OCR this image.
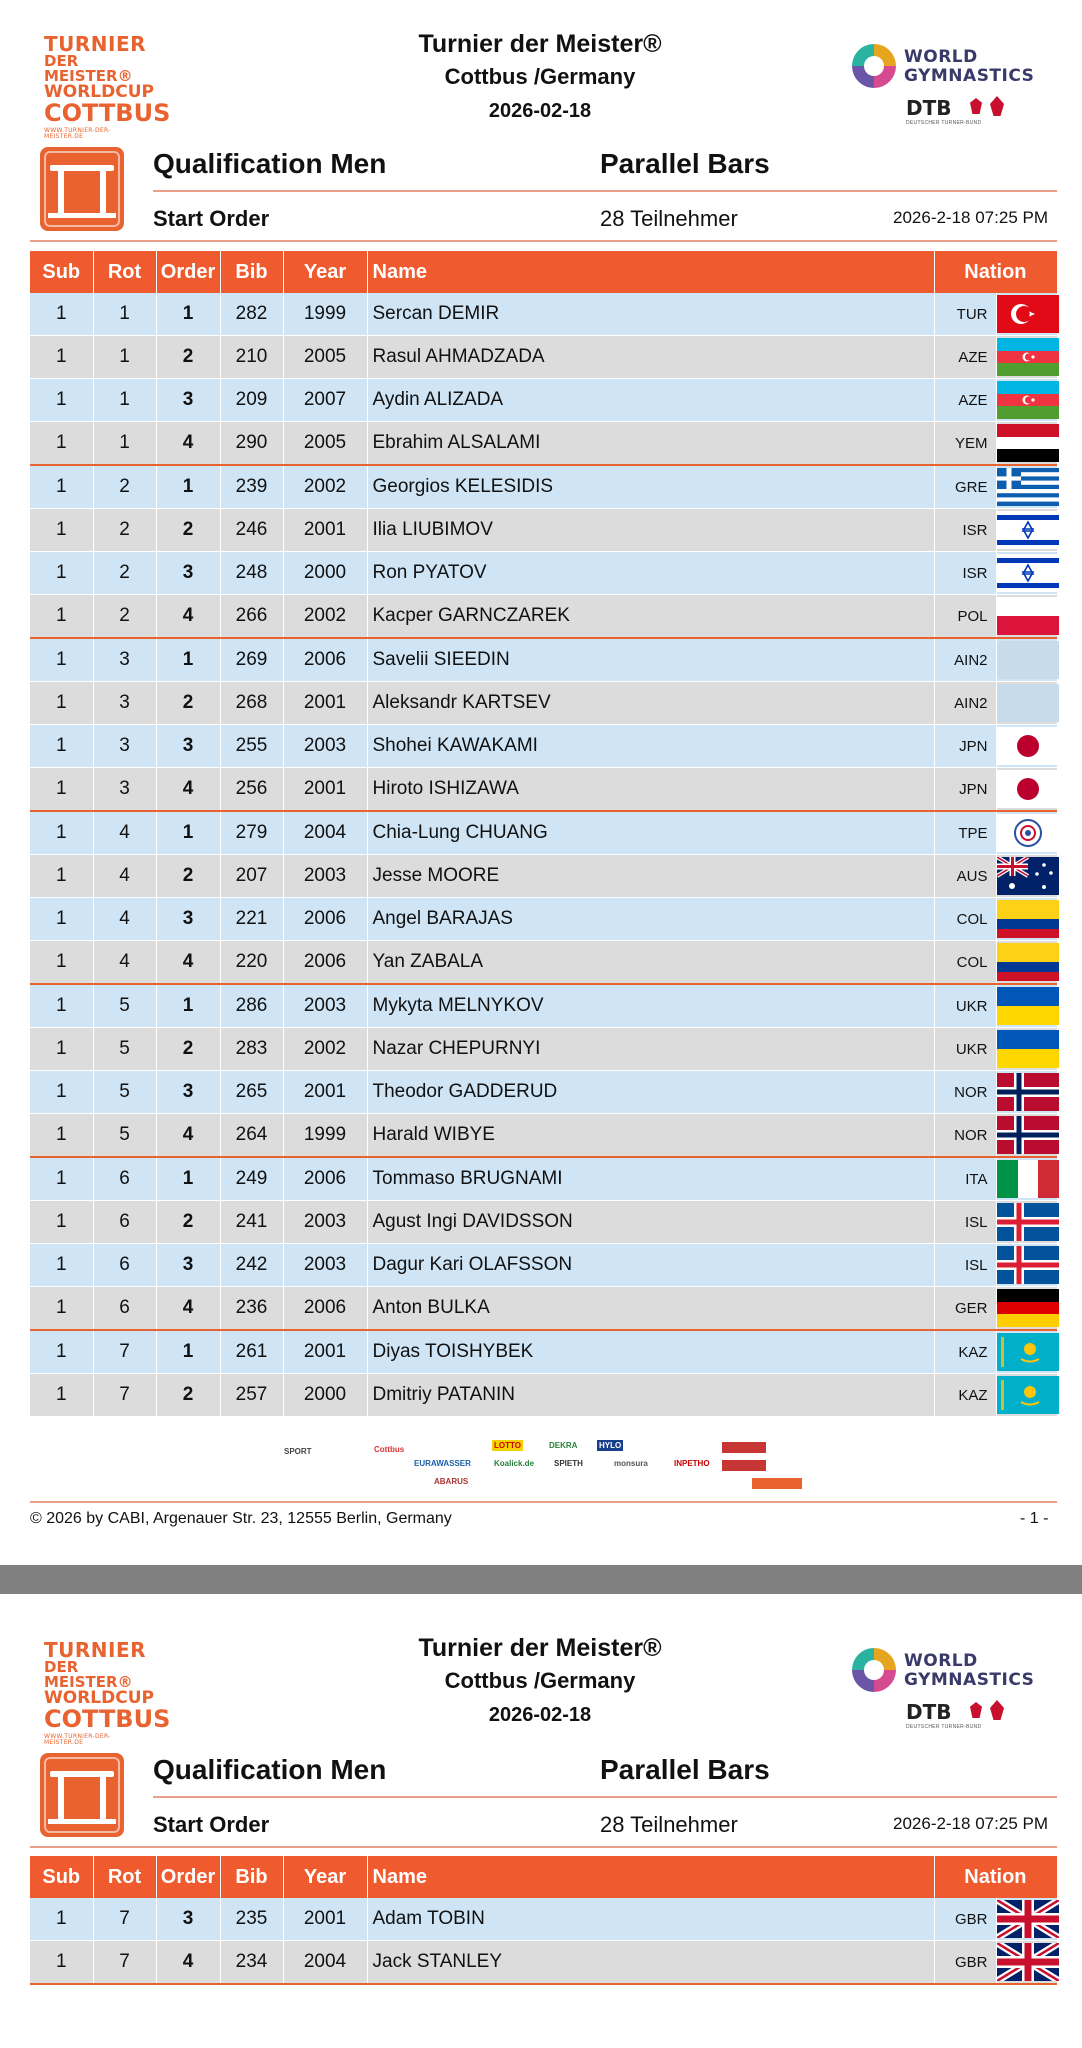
TURNIER
DER MEISTER®
WORLDCUP
COTTBUS
WWW.TURNIER-DER-MEISTER.DE
Turnier der Meister®
Cottbus /Germany
2026-02-18
WORLD
GYMNASTICS
DTB
DEUTSCHER TURNER-BUND
Qualification Men	Parallel Bars
Start Order	28 Teilnehmer	2026-2-18 07:25 PM
Sub	Rot	Order	Bib	Year	Name	Nation	
1	1	1	282	1999	Sercan DEMIR	TUR	

1	1	2	210	2005	Rasul AHMADZADA	AZE	

1	1	3	209	2007	Aydin ALIZADA	AZE	

1	1	4	290	2005	Ebrahim ALSALAMI	YEM	

1	2	1	239	2002	Georgios KELESIDIS	GRE	

1	2	2	246	2001	Ilia LIUBIMOV	ISR	

1	2	3	248	2000	Ron PYATOV	ISR	

1	2	4	266	2002	Kacper GARNCZAREK	POL	

1	3	1	269	2006	Savelii SIEEDIN	AIN2	

1	3	2	268	2001	Aleksandr KARTSEV	AIN2	

1	3	3	255	2003	Shohei KAWAKAMI	JPN	

1	3	4	256	2001	Hiroto ISHIZAWA	JPN	

1	4	1	279	2004	Chia-Lung CHUANG	TPE	

1	4	2	207	2003	Jesse MOORE	AUS	

1	4	3	221	2006	Angel BARAJAS	COL	

1	4	4	220	2006	Yan ZABALA	COL	

1	5	1	286	2003	Mykyta MELNYKOV	UKR	

1	5	2	283	2002	Nazar CHEPURNYI	UKR	

1	5	3	265	2001	Theodor GADDERUD	NOR	

1	5	4	264	1999	Harald WIBYE	NOR	

1	6	1	249	2006	Tommaso BRUGNAMI	ITA	

1	6	2	241	2003	Agust Ingi DAVIDSSON	ISL	

1	6	3	242	2003	Dagur Kari OLAFSSON	ISL	

1	6	4	236	2006	Anton BULKA	GER	

1	7	1	261	2001	Diyas TOISHYBEK	KAZ	

1	7	2	257	2000	Dmitriy PATANIN	KAZ	
SPORT	Cottbus	LOTTO	DEKRA	HYLO
EURAWASSER	Koalick.de SPIETH	monsura	INPETHO
ABARUS
© 2026 by CABI, Argenauer Str. 23, 12555 Berlin, Germany	- 1 -
TURNIER
DER MEISTER®
WORLDCUP
COTTBUS
WWW.TURNIER-DER-MEISTER.DE
Turnier der Meister®
Cottbus /Germany
2026-02-18
WORLD
GYMNASTICS
DTB
DEUTSCHER TURNER-BUND
Qualification Men	Parallel Bars
Start Order	28 Teilnehmer	2026-2-18 07:25 PM
Sub	Rot	Order	Bib	Year	Name	Nation	
1	7	3	235	2001	Adam TOBIN	GBR	

1	7	4	234	2004	Jack STANLEY	GBR	
